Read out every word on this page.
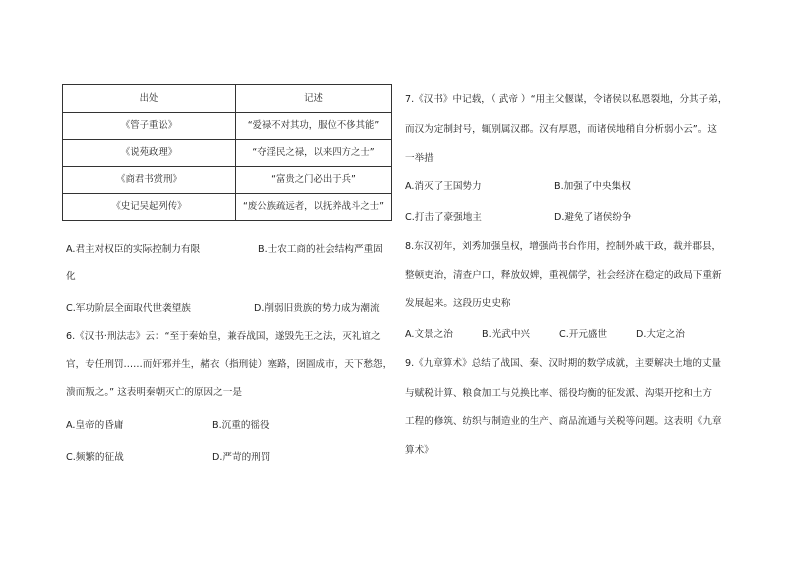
出处	记述
《管子重讼》	“爱禄不对其功，服位不侈其能”
《说苑政理》	“夺淫民之禄，以来四方之士”
《商君书赏刑》	“富贵之门必出于兵”
《史记吴起列传》	“废公族疏远者，以抚养战斗之士”
A.君主对权臣的实际控制力有限	B.士农工商的社会结构严重固
化
C.军功阶层全面取代世袭望族	D.削弱旧贵族的势力成为潮流
6.《汉书·刑法志》云：“至于秦始皇，兼吞战国，遂毁先王之法，灭礼谊之
官，专任刑罚……而奸邪并生，赭衣（指刑徒）塞路，囹圄成市，天下愁怨，
溃而叛之。” 这表明秦朝灭亡的原因之一是
A.皇帝的昏庸	B.沉重的徭役
C.频繁的征战	D.严苛的刑罚
7.《汉书》中记载，（ 武帝 ）“用主父偃谋，令诸侯以私恩裂地，分其子弟，
而汉为定制封号，辄别属汉郡。汉有厚恩，而诸侯地稍自分析弱小云”。这
一举措
A.消灭了王国势力	B.加强了中央集权
C.打击了豪强地主	D.避免了诸侯纷争
8.东汉初年，刘秀加强皇权，增强尚书台作用，控制外戚干政，裁并郡县，
整顿吏治，清查户口，释放奴婢，重视儒学，社会经济在稳定的政局下重新
发展起来。这段历史史称
A.文景之治	B.光武中兴	C.开元盛世	D.大定之治
9.《九章算术》总结了战国、秦、汉时期的数学成就，主要解决土地的丈量
与赋税计算、粮食加工与兑换比率、徭役均衡的征发派、沟渠开挖和土方
工程的修筑、纺织与制造业的生产、商品流通与关税等问题。这表明《九章
算术》
